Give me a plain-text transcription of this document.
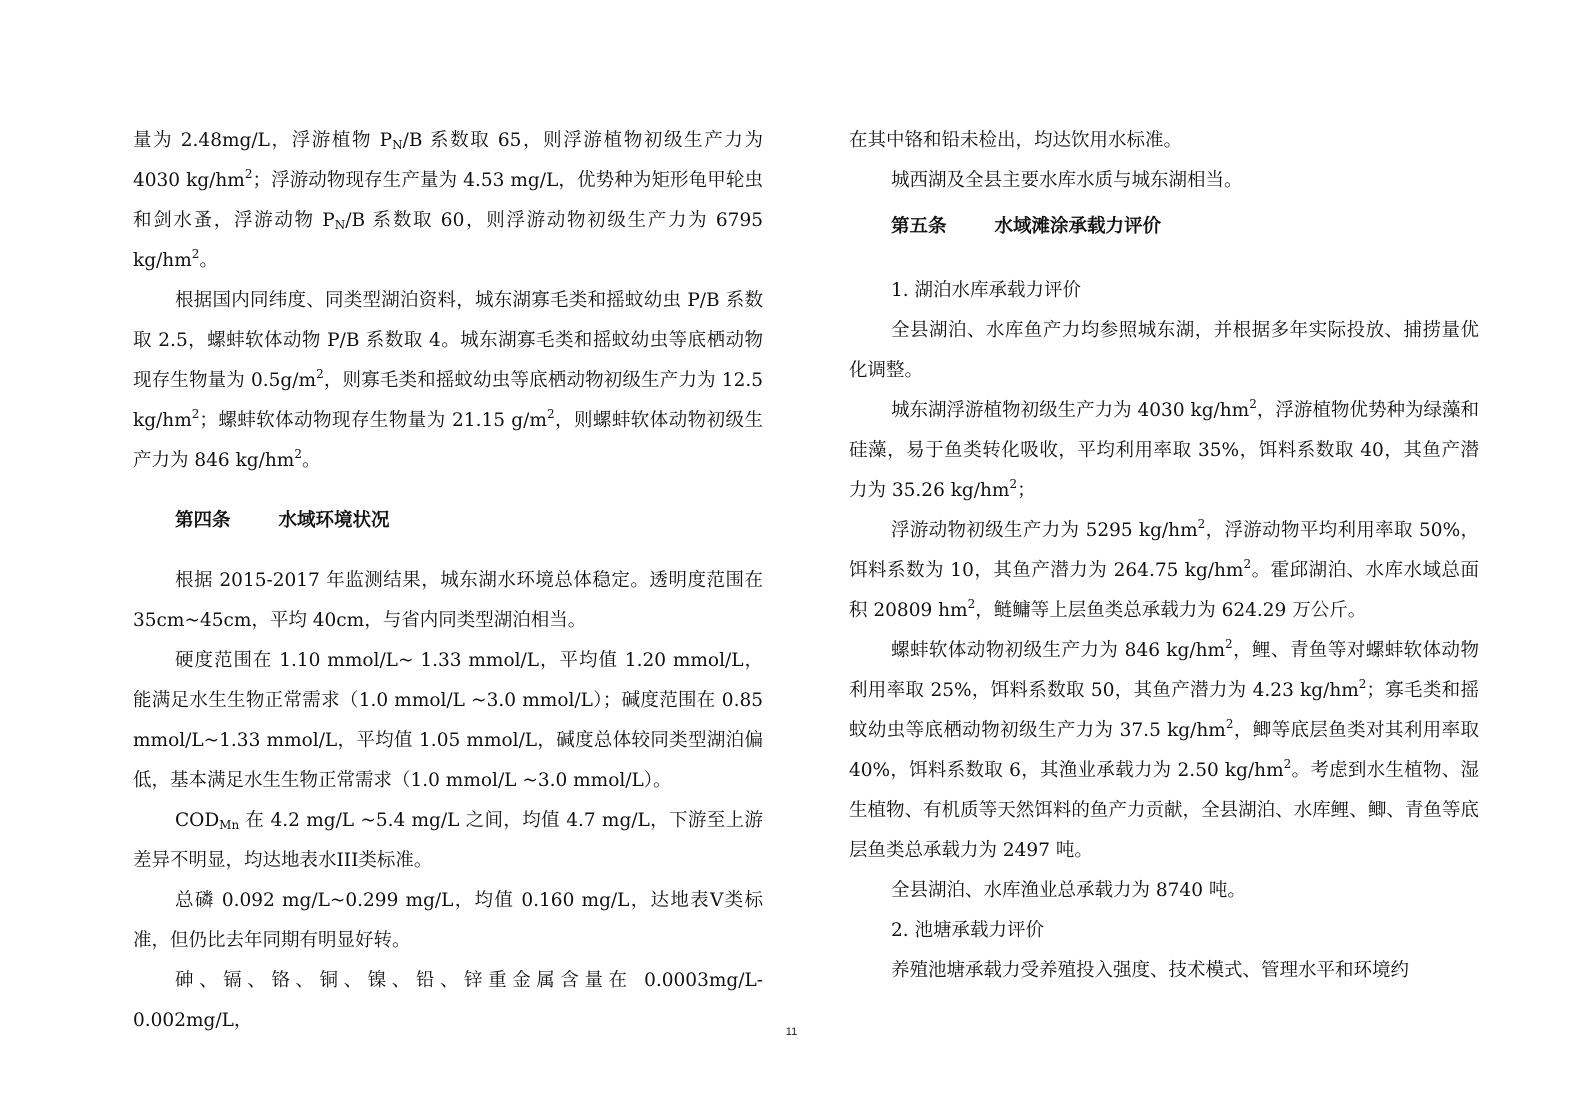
量为 2.48mg/L，浮游植物 $P_N/B$ 系数取 65，则浮游植物初级生产力为 4030 $kg/hm^2$；浮游动物现存生产量为 4.53 mg/L，优势种为矩形龟甲轮虫和剑水蚤，浮游动物 $P_N/B$ 系数取 60，则浮游动物初级生产力为 6795 $kg/hm^2$。

根据国内同纬度、同类型湖泊资料，城东湖寡毛类和摇蚊幼虫 P/B 系数取 2.5，螺蚌软体动物 P/B 系数取 4。城东湖寡毛类和摇蚊幼虫等底栖动物现存生物量为 $0.5g/m^2$，则寡毛类和摇蚊幼虫等底栖动物初级生产力为 12.5 $kg/hm^2$；螺蚌软体动物现存生物量为 21.15 $g/m^2$，则螺蚌软体动物初级生产力为 846 $kg/hm^2$。

第四条	水域环境状况

根据 2015-2017 年监测结果，城东湖水环境总体稳定。透明度范围在 35cm~45cm，平均 40cm，与省内同类型湖泊相当。

硬度范围在 1.10 mmol/L~ 1.33 mmol/L，平均值 1.20 mmol/L，能满足水生生物正常需求（1.0 mmol/L ~3.0 mmol/L）；碱度范围在 0.85 mmol/L~1.33 mmol/L，平均值 1.05 mmol/L，碱度总体较同类型湖泊偏低，基本满足水生生物正常需求（1.0 mmol/L ~3.0 mmol/L）。

$COD_{Mn}$ 在 4.2 mg/L ~5.4 mg/L 之间，均值 4.7 mg/L，下游至上游差异不明显，均达地表水III类标准。

总磷 0.092 mg/L~0.299 mg/L，均值 0.160 mg/L，达地表V类标准，但仍比去年同期有明显好转。

砷、镉、铬、铜、镍、铅、锌重金属含量在 0.0003mg/L- 0.002mg/L，

在其中铬和铅未检出，均达饮用水标准。

城西湖及全县主要水库水质与城东湖相当。

第五条	水域滩涂承载力评价

1. 湖泊水库承载力评价

全县湖泊、水库鱼产力均参照城东湖，并根据多年实际投放、捕捞量优化调整。

城东湖浮游植物初级生产力为 4030 $kg/hm^2$，浮游植物优势种为绿藻和硅藻，易于鱼类转化吸收，平均利用率取 35%，饵料系数取 40，其鱼产潜力为 35.26 $kg/hm^2$；

浮游动物初级生产力为 5295 $kg/hm^2$，浮游动物平均利用率取 50%，饵料系数为 10，其鱼产潜力为 264.75 $kg/hm^2$。霍邱湖泊、水库水域总面积 20809 $hm^2$，鲢鳙等上层鱼类总承载力为 624.29 万公斤。

螺蚌软体动物初级生产力为 846 $kg/hm^2$，鲤、青鱼等对螺蚌软体动物利用率取 25%，饵料系数取 50，其鱼产潜力为 4.23 $kg/hm^2$；寡毛类和摇蚊幼虫等底栖动物初级生产力为 37.5 $kg/hm^2$，鲫等底层鱼类对其利用率取 40%，饵料系数取 6，其渔业承载力为 2.50 $kg/hm^2$。考虑到水生植物、湿生植物、有机质等天然饵料的鱼产力贡献，全县湖泊、水库鲤、鲫、青鱼等底层鱼类总承载力为 2497 吨。

全县湖泊、水库渔业总承载力为 8740 吨。

2. 池塘承载力评价

养殖池塘承载力受养殖投入强度、技术模式、管理水平和环境约

11
